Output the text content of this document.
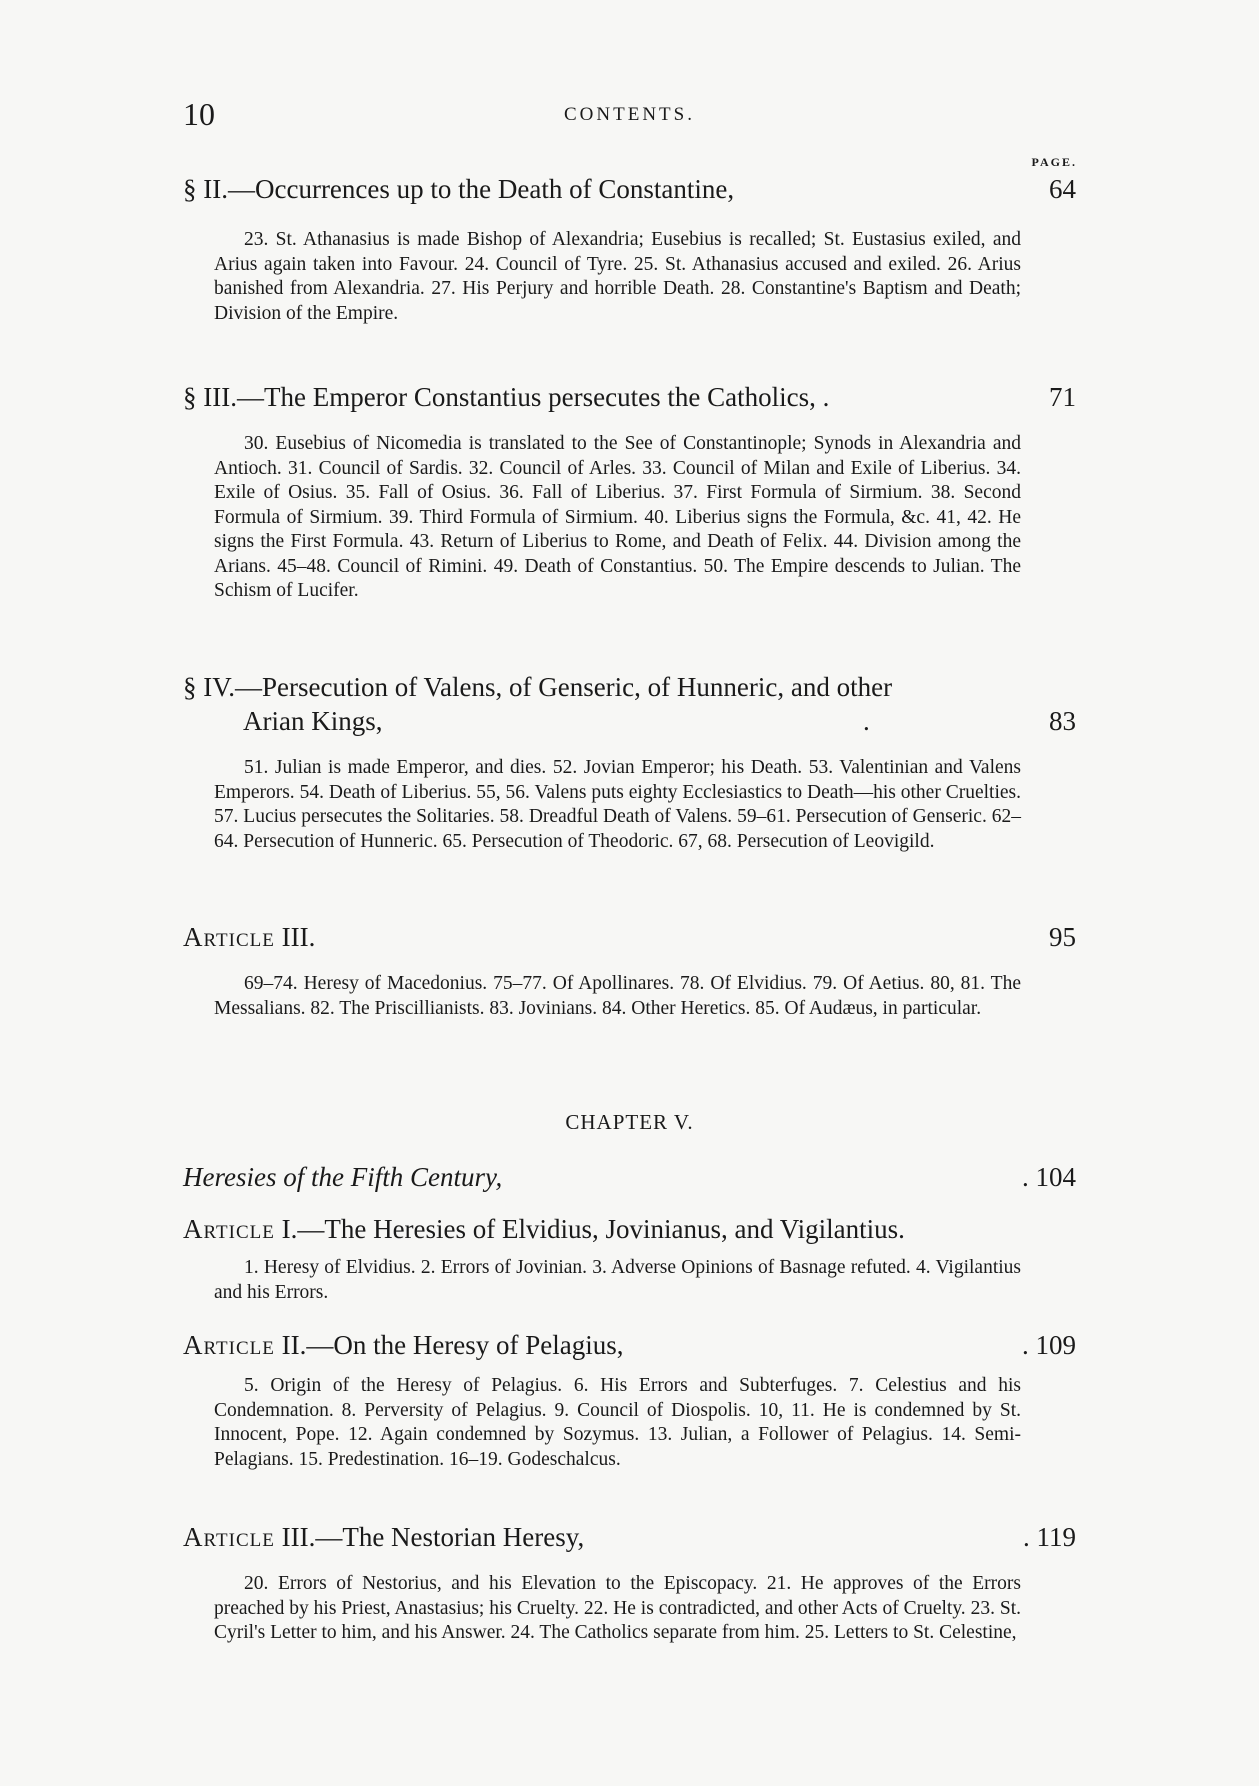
10	CONTENTS.
PAGE.
§ II.—Occurrences up to the Death of Constantine,	64

23. St. Athanasius is made Bishop of Alexandria; Eusebius is recalled; St. Eustasius exiled, and Arius again taken into Favour. 24. Council of Tyre. 25. St. Athanasius accused and exiled. 26. Arius banished from Alexandria. 27. His Perjury and horrible Death. 28. Constantine's Baptism and Death; Division of the Empire.

§ III.—The Emperor Constantius persecutes the Catholics, .	71

30. Eusebius of Nicomedia is translated to the See of Constantinople; Synods in Alexandria and Antioch. 31. Council of Sardis. 32. Council of Arles. 33. Council of Milan and Exile of Liberius. 34. Exile of Osius. 35. Fall of Osius. 36. Fall of Liberius. 37. First Formula of Sirmium. 38. Second Formula of Sirmium. 39. Third Formula of Sirmium. 40. Liberius signs the Formula, &c. 41, 42. He signs the First Formula. 43. Return of Liberius to Rome, and Death of Felix. 44. Division among the Arians. 45–48. Council of Rimini. 49. Death of Constantius. 50. The Empire descends to Julian. The Schism of Lucifer.

§ IV.—Persecution of Valens, of Genseric, of Hunneric, and other
Arian Kings,	.	83

51. Julian is made Emperor, and dies. 52. Jovian Emperor; his Death. 53. Valentinian and Valens Emperors. 54. Death of Liberius. 55, 56. Valens puts eighty Ecclesiastics to Death—his other Cruelties. 57. Lucius persecutes the Solitaries. 58. Dreadful Death of Valens. 59–61. Persecution of Genseric. 62–64. Persecution of Hunneric. 65. Persecution of Theodoric. 67, 68. Persecution of Leovigild.

Article III.	95

69–74. Heresy of Macedonius. 75–77. Of Apollinares. 78. Of Elvidius. 79. Of Aetius. 80, 81. The Messalians. 82. The Priscillianists. 83. Jovinians. 84. Other Heretics. 85. Of Audæus, in particular.

CHAPTER V.
Heresies of the Fifth Century,	. 104
Article I.—The Heresies of Elvidius, Jovinianus, and Vigilantius.

1. Heresy of Elvidius. 2. Errors of Jovinian. 3. Adverse Opinions of Basnage refuted. 4. Vigilantius and his Errors.

Article II.—On the Heresy of Pelagius,	. 109

5. Origin of the Heresy of Pelagius. 6. His Errors and Subterfuges. 7. Celestius and his Condemnation. 8. Perversity of Pelagius. 9. Council of Diospolis. 10, 11. He is condemned by St. Innocent, Pope. 12. Again condemned by Sozymus. 13. Julian, a Follower of Pelagius. 14. Semi-Pelagians. 15. Predestination. 16–19. Godeschalcus.

Article III.—The Nestorian Heresy,	. 119

20. Errors of Nestorius, and his Elevation to the Episcopacy. 21. He approves of the Errors preached by his Priest, Anastasius; his Cruelty. 22. He is contradicted, and other Acts of Cruelty. 23. St. Cyril's Letter to him, and his Answer. 24. The Catholics separate from him. 25. Letters to St. Celestine,
